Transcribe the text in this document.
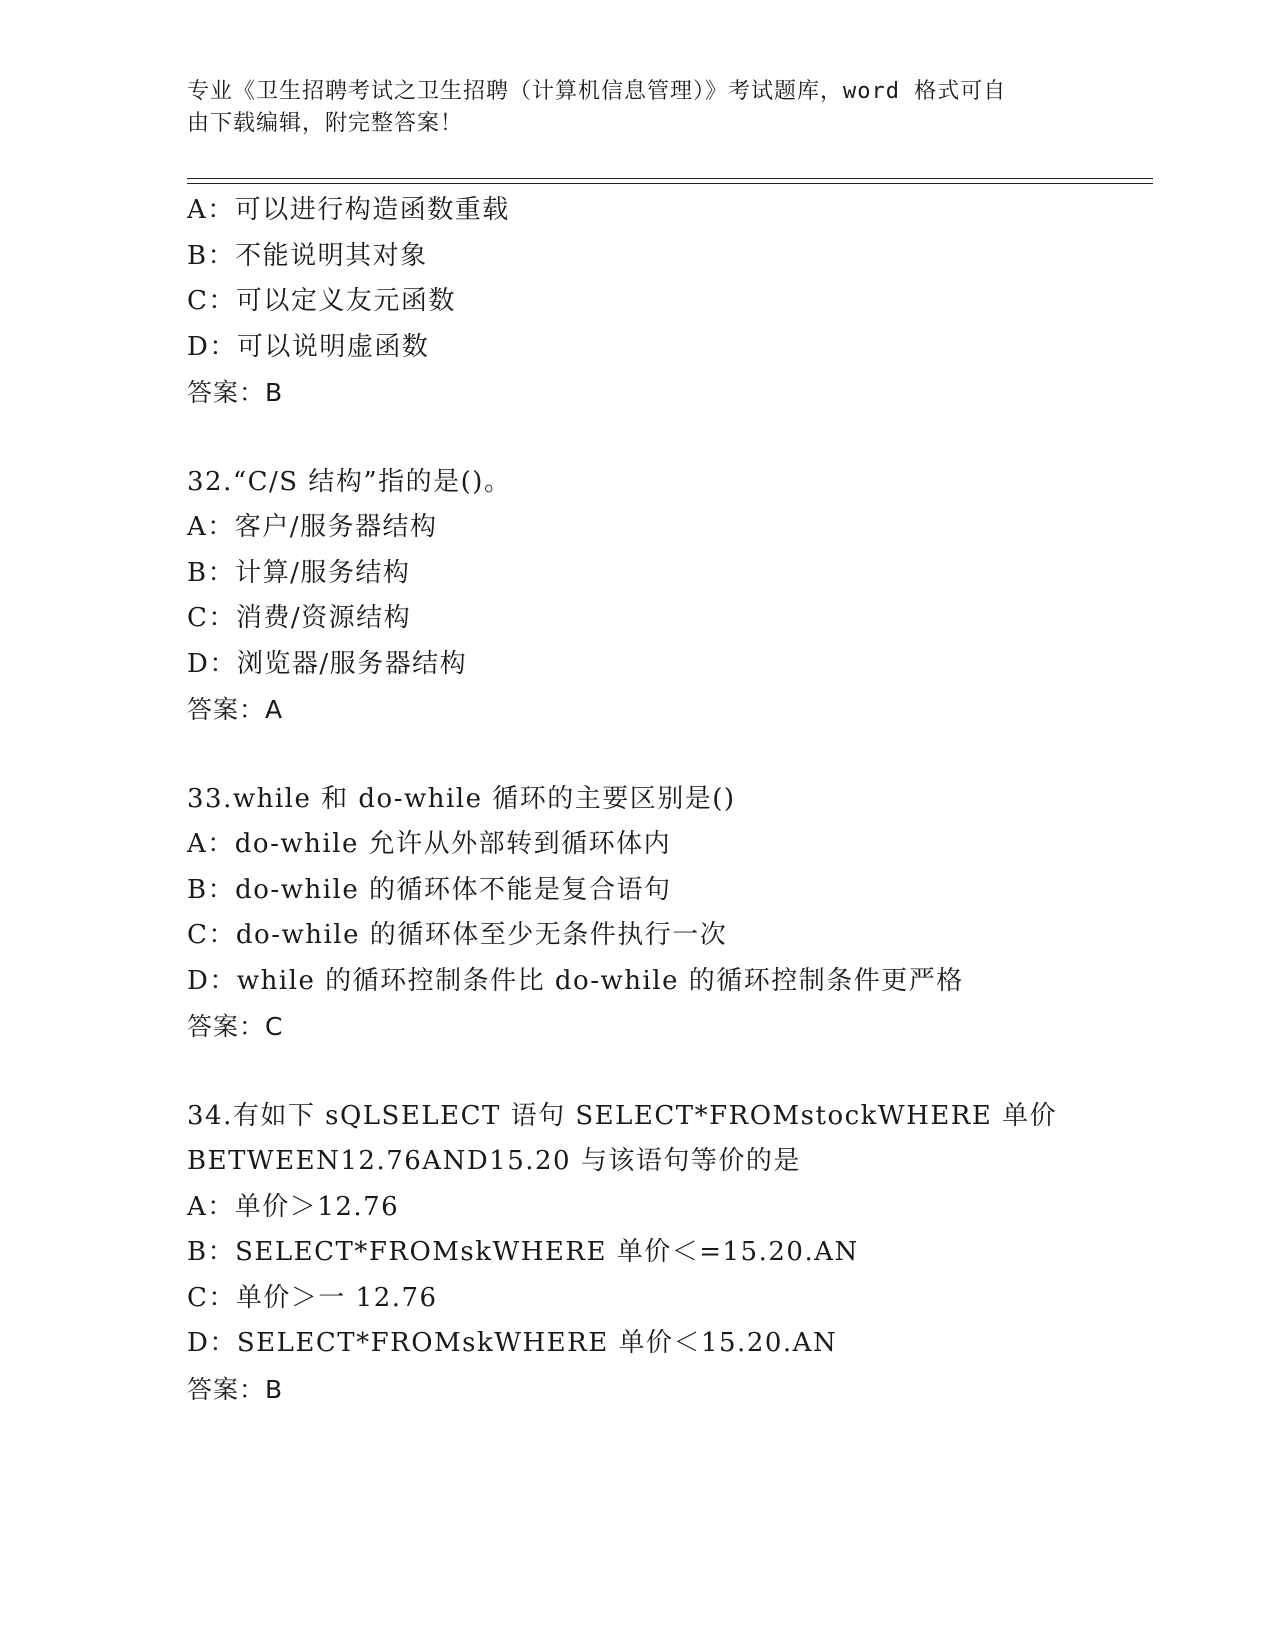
专业《卫生招聘考试之卫生招聘（计算机信息管理）》考试题库，word 格式可自
由下载编辑，附完整答案！
A：可以进行构造函数重载
B：不能说明其对象
C：可以定义友元函数
D：可以说明虚函数
答案：B
32.“C/S 结构”指的是()。
A：客户/服务器结构
B：计算/服务结构
C：消费/资源结构
D：浏览器/服务器结构
答案：A
33.while 和 do-while 循环的主要区别是()
A：do-while 允许从外部转到循环体内
B：do-while 的循环体不能是复合语句
C：do-while 的循环体至少无条件执行一次
D：while 的循环控制条件比 do-while 的循环控制条件更严格
答案：C
34.有如下 sQLSELECT 语句 SELECT*FROMstockWHERE 单价
BETWEEN12.76AND15.20 与该语句等价的是
A：单价＞12.76
B：SELECT*FROMskWHERE 单价＜=15.20.AN
C：单价＞一 12.76
D：SELECT*FROMskWHERE 单价＜15.20.AN
答案：B
